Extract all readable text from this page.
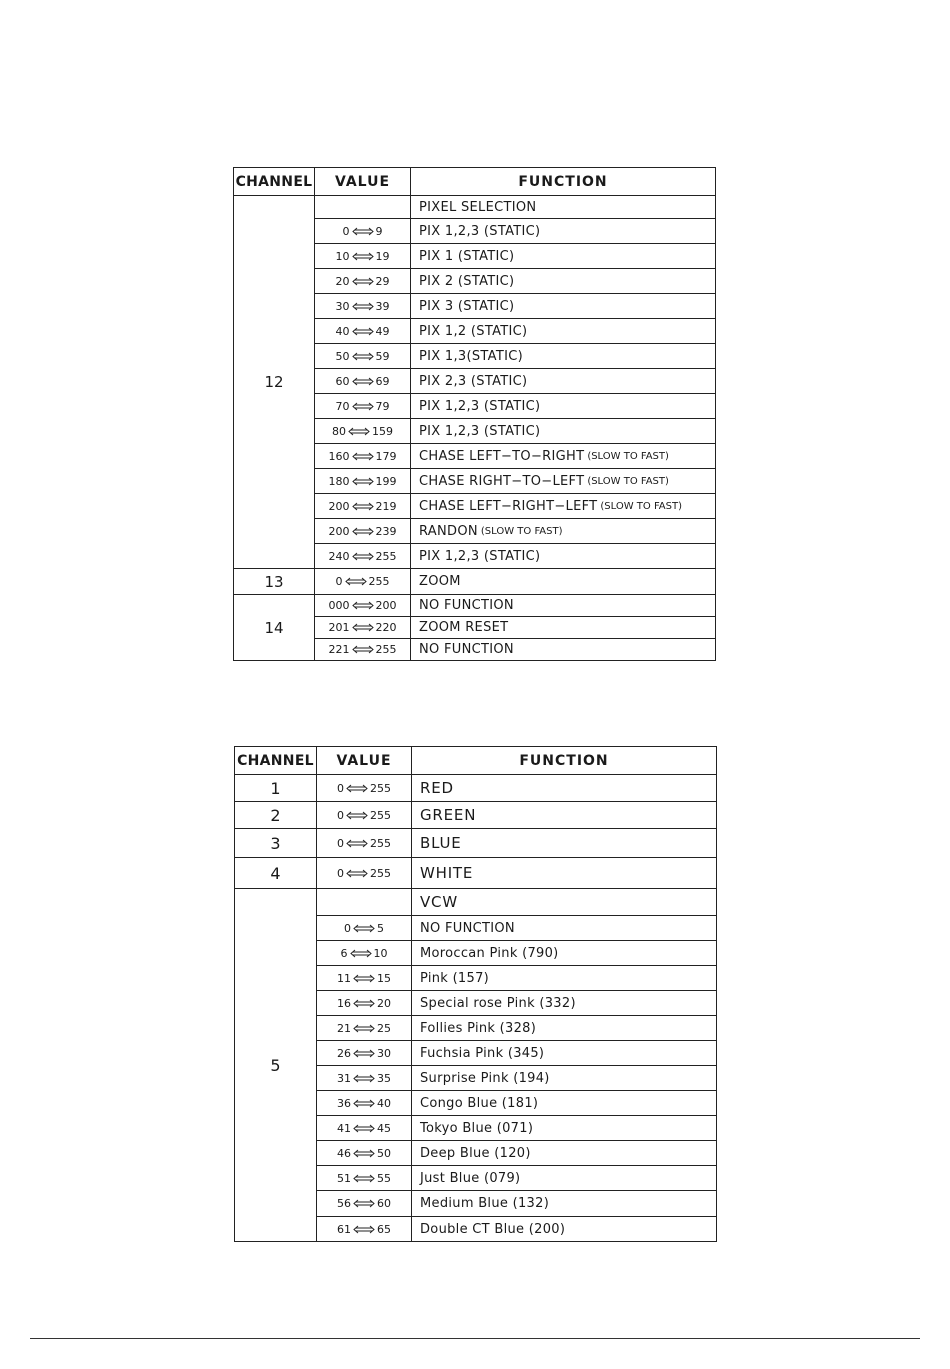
CHANNEL	VALUE	FUNCTION
12
PIXEL SELECTION
0 9	PIX 1,2,3 (STATIC)
10 19 PIX 1 (STATIC)
20 29 PIX 2 (STATIC)
30 39 PIX 3 (STATIC)
40 49 PIX 1,2 (STATIC)
50 59 PIX 1,3(STATIC)
60 69 PIX 2,3 (STATIC)
70 79 PIX 1,2,3 (STATIC)
80 159 PIX 1,2,3 (STATIC)
160 179 CHASE LEFT−TO−RIGHT (SLOW TO FAST)
180 199 CHASE RIGHT−TO−LEFT (SLOW TO FAST)
200 219 CHASE LEFT−RIGHT−LEFT (SLOW TO FAST)
200 239 RANDON (SLOW TO FAST)
240 255 PIX 1,2,3 (STATIC)
13	0 255 ZOOM
14
000 200 NO FUNCTION
201 220 ZOOM RESET
221 255 NO FUNCTION
CHANNEL	VALUE	FUNCTION
1	0 255 RED
2	0 255 GREEN
3	0 255 BLUE
4	0 255 WHITE
5
VCW
0 5	NO FUNCTION
6 10	Moroccan Pink (790)
11 15 Pink (157)
16 20 Special rose Pink (332)
21 25 Follies Pink (328)
26 30 Fuchsia Pink (345)
31 35 Surprise Pink (194)
36 40 Congo Blue (181)
41 45 Tokyo Blue (071)
46 50 Deep Blue (120)
51 55 Just Blue (079)
56 60 Medium Blue (132)
61 65 Double CT Blue (200)
